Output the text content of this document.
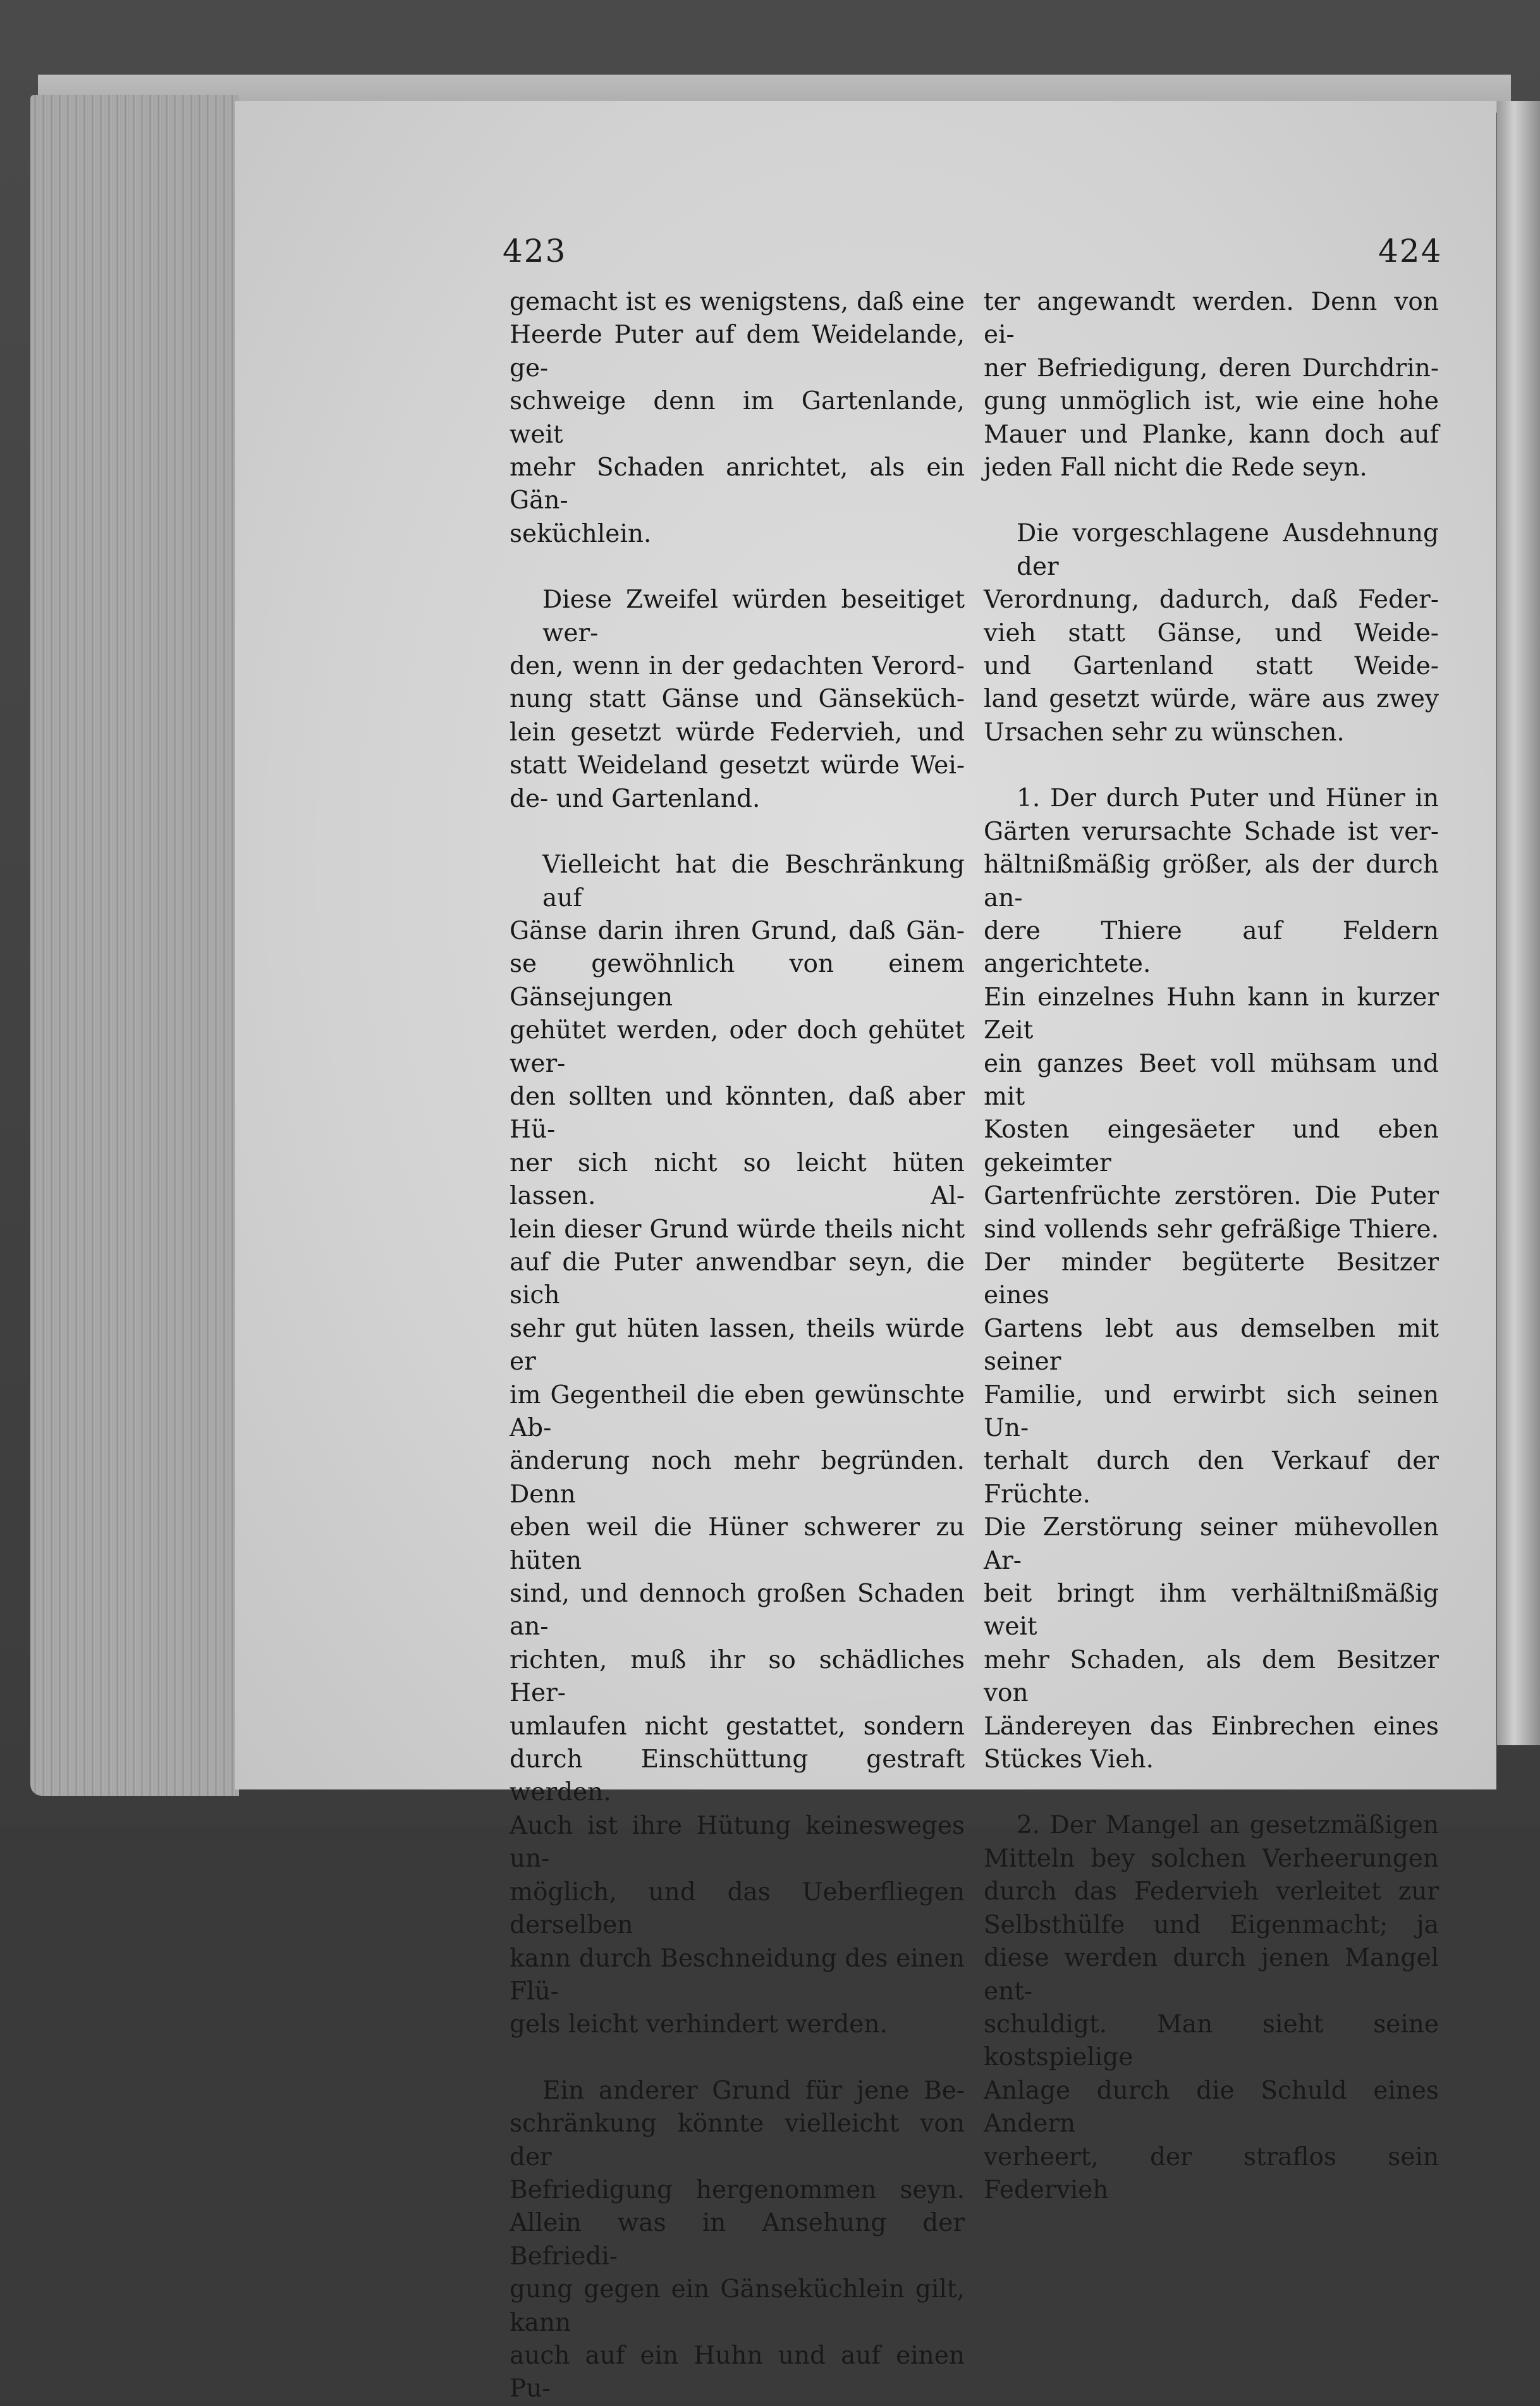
423	424

gemacht ist es wenigstens, daß eine

Heerde Puter auf dem Weidelande, ge-

schweige denn im Gartenlande, weit

mehr Schaden anrichtet, als ein Gän-

seküchlein.

Diese Zweifel würden beseitiget wer-

den, wenn in der gedachten Verord-

nung statt Gänse und Gänseküch-

lein gesetzt würde Federvieh, und

statt Weideland gesetzt würde Wei-

de- und Gartenland.

Vielleicht hat die Beschränkung auf

Gänse darin ihren Grund, daß Gän-

se gewöhnlich von einem Gänsejungen

gehütet werden, oder doch gehütet wer-

den sollten und könnten, daß aber Hü-

ner sich nicht so leicht hüten lassen. Al-

lein dieser Grund würde theils nicht

auf die Puter anwendbar seyn, die sich

sehr gut hüten lassen, theils würde er

im Gegentheil die eben gewünschte Ab-

änderung noch mehr begründen. Denn

eben weil die Hüner schwerer zu hüten

sind, und dennoch großen Schaden an-

richten, muß ihr so schädliches Her-

umlaufen nicht gestattet, sondern

durch Einschüttung gestraft werden.

Auch ist ihre Hütung keinesweges un-

möglich, und das Ueberfliegen derselben

kann durch Beschneidung des einen Flü-

gels leicht verhindert werden.

Ein anderer Grund für jene Be-

schränkung könnte vielleicht von der

Befriedigung hergenommen seyn.

Allein was in Ansehung der Befriedi-

gung gegen ein Gänseküchlein gilt, kann

auch auf ein Huhn und auf einen Pu-

ter angewandt werden. Denn von ei-

ner Befriedigung, deren Durchdrin-

gung unmöglich ist, wie eine hohe

Mauer und Planke, kann doch auf

jeden Fall nicht die Rede seyn.

Die vorgeschlagene Ausdehnung der

Verordnung, dadurch, daß Feder-

vieh statt Gänse, und Weide-

und Gartenland statt Weide-

land gesetzt würde, wäre aus zwey

Ursachen sehr zu wünschen.

1. Der durch Puter und Hüner in

Gärten verursachte Schade ist ver-

hältnißmäßig größer, als der durch an-

dere Thiere auf Feldern angerichtete.

Ein einzelnes Huhn kann in kurzer Zeit

ein ganzes Beet voll mühsam und mit

Kosten eingesäeter und eben gekeimter

Gartenfrüchte zerstören. Die Puter

sind vollends sehr gefräßige Thiere.

Der minder begüterte Besitzer eines

Gartens lebt aus demselben mit seiner

Familie, und erwirbt sich seinen Un-

terhalt durch den Verkauf der Früchte.

Die Zerstörung seiner mühevollen Ar-

beit bringt ihm verhältnißmäßig weit

mehr Schaden, als dem Besitzer von

Ländereyen das Einbrechen eines

Stückes Vieh.

2. Der Mangel an gesetzmäßigen

Mitteln bey solchen Verheerungen

durch das Federvieh verleitet zur

Selbsthülfe und Eigenmacht; ja

diese werden durch jenen Mangel ent-

schuldigt. Man sieht seine kostspielige

Anlage durch die Schuld eines Andern

verheert, der straflos sein Federvieh
